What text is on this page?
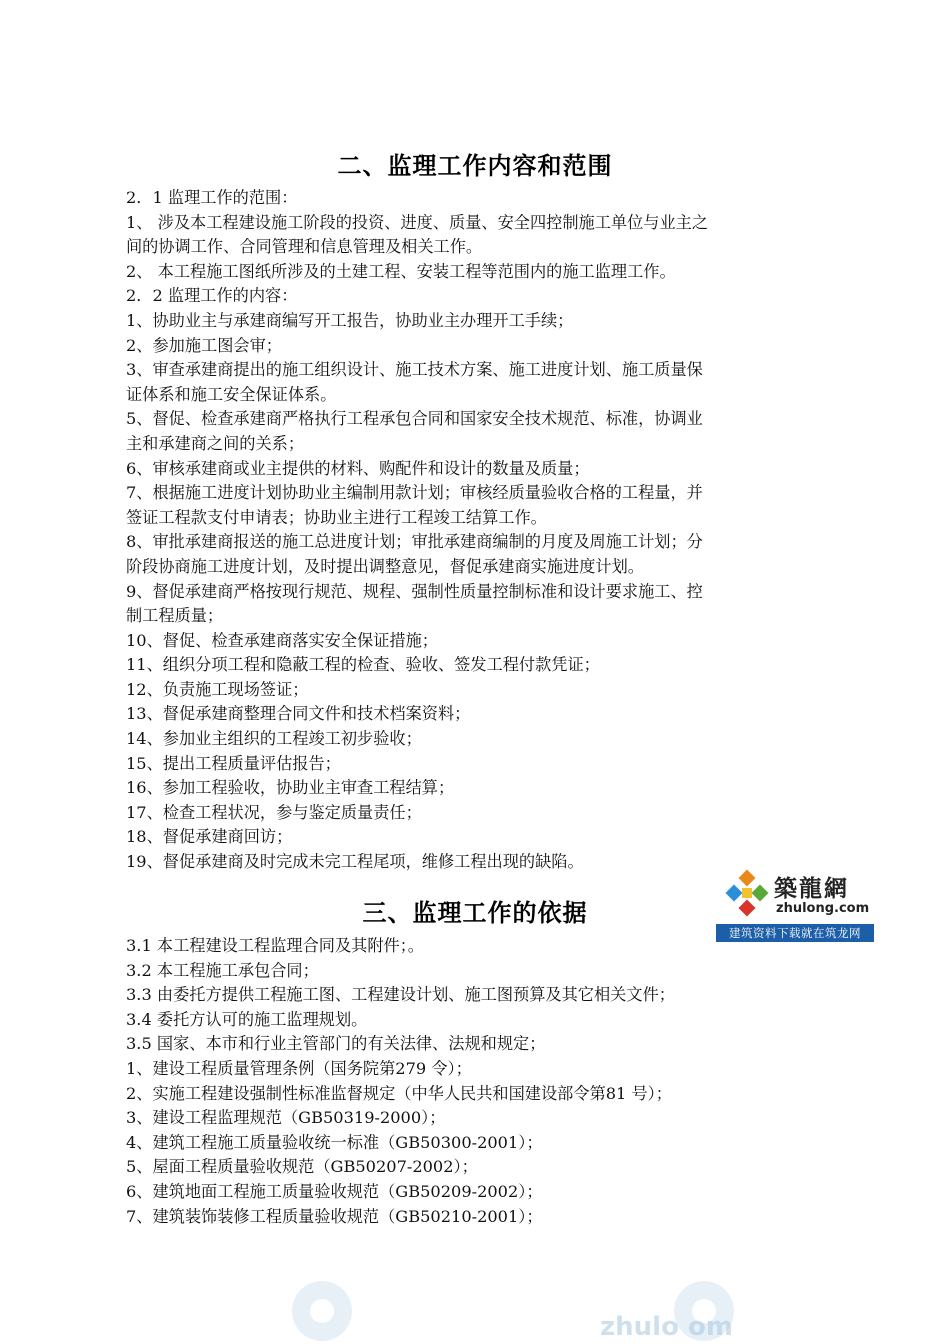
二、监理工作内容和范围
2．1 监理工作的范围：
1、 涉及本工程建设施工阶段的投资、进度、质量、安全四控制施工单位与业主之
间的协调工作、合同管理和信息管理及相关工作。
2、 本工程施工图纸所涉及的土建工程、安装工程等范围内的施工监理工作。
2．2 监理工作的内容：
1、协助业主与承建商编写开工报告，协助业主办理开工手续；
2、参加施工图会审；
3、审查承建商提出的施工组织设计、施工技术方案、施工进度计划、施工质量保
证体系和施工安全保证体系。
5、督促、检查承建商严格执行工程承包合同和国家安全技术规范、标准，协调业
主和承建商之间的关系；
6、审核承建商或业主提供的材料、购配件和设计的数量及质量；
7、根据施工进度计划协助业主编制用款计划；审核经质量验收合格的工程量，并
签证工程款支付申请表；协助业主进行工程竣工结算工作。
8、审批承建商报送的施工总进度计划；审批承建商编制的月度及周施工计划；分
阶段协商施工进度计划，及时提出调整意见，督促承建商实施进度计划。
9、督促承建商严格按现行规范、规程、强制性质量控制标准和设计要求施工、控
制工程质量；
10、督促、检查承建商落实安全保证措施；
11、组织分项工程和隐蔽工程的检查、验收、签发工程付款凭证；
12、负责施工现场签证；
13、督促承建商整理合同文件和技术档案资料；
14、参加业主组织的工程竣工初步验收；
15、提出工程质量评估报告；
16、参加工程验收，协助业主审查工程结算；
17、检查工程状况，参与鉴定质量责任；
18、督促承建商回访；
19、督促承建商及时完成未完工程尾项，维修工程出现的缺陷。
三、监理工作的依据
3.1 本工程建设工程监理合同及其附件；。
3.2 本工程施工承包合同；
3.3 由委托方提供工程施工图、工程建设计划、施工图预算及其它相关文件；
3.4 委托方认可的施工监理规划。
3.5 国家、本市和行业主管部门的有关法律、法规和规定；
1、建设工程质量管理条例（国务院第279 令）；
2、实施工程建设强制性标准监督规定（中华人民共和国建设部令第81 号）；
3、建设工程监理规范（GB50319-2000）；
4、建筑工程施工质量验收统一标准（GB50300-2001）；
5、屋面工程质量验收规范（GB50207-2002）；
6、建筑地面工程施工质量验收规范（GB50209-2002）；
7、建筑装饰装修工程质量验收规范（GB50210-2001）；
築龍網
zhulong.com
建筑资料下载就在筑龙网
zhulo om
